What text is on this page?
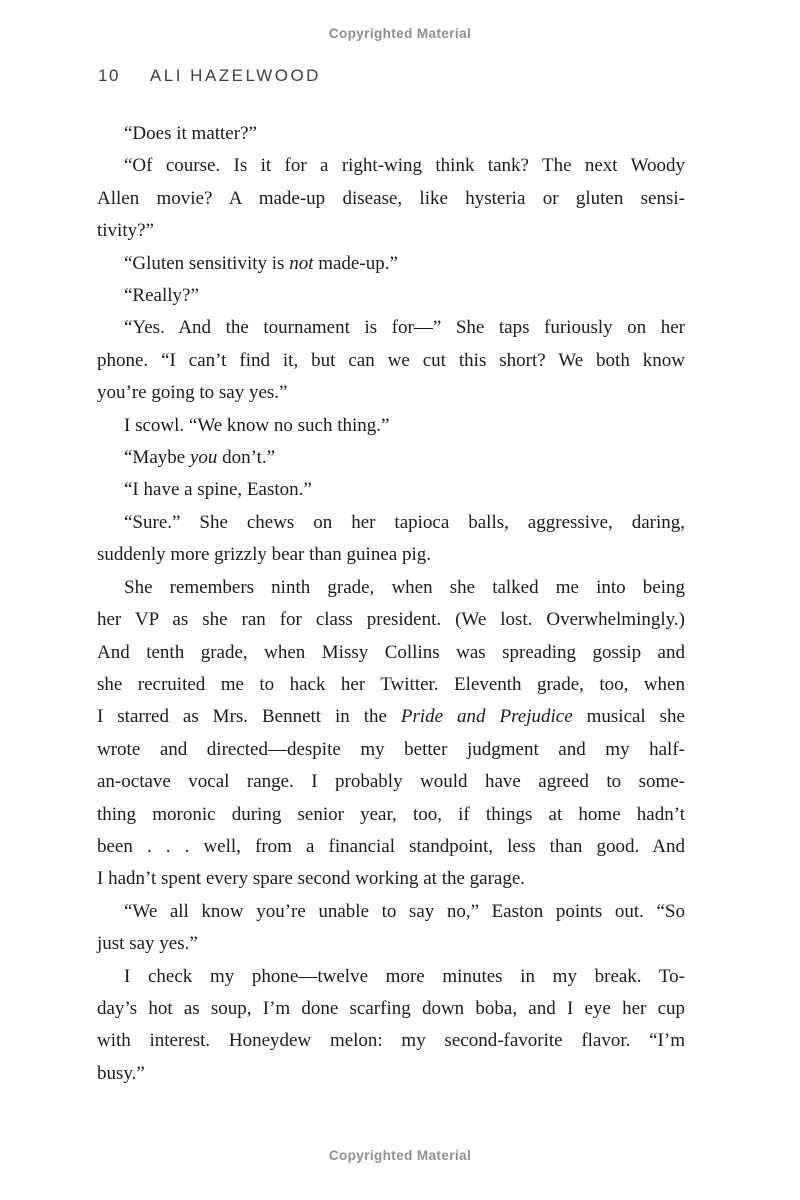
Copyrighted Material
10 ALI HAZELWOOD
“Does it matter?”
“Of course. Is it for a right-wing think tank? The next Woody
Allen movie? A made-up disease, like hysteria or gluten sensi-
tivity?”
“Gluten sensitivity is not made-up.”
“Really?”
“Yes. And the tournament is for—” She taps furiously on her
phone. “I can’t find it, but can we cut this short? We both know
you’re going to say yes.”
I scowl. “We know no such thing.”
“Maybe you don’t.”
“I have a spine, Easton.”
“Sure.” She chews on her tapioca balls, aggressive, daring,
suddenly more grizzly bear than guinea pig.
She remembers ninth grade, when she talked me into being
her VP as she ran for class president. (We lost. Overwhelmingly.)
And tenth grade, when Missy Collins was spreading gossip and
she recruited me to hack her Twitter. Eleventh grade, too, when
I starred as Mrs. Bennett in the Pride and Prejudice musical she
wrote and directed—despite my better judgment and my half-
an-octave vocal range. I probably would have agreed to some-
thing moronic during senior year, too, if things at home hadn’t
been . . . well, from a financial standpoint, less than good. And
I hadn’t spent every spare second working at the garage.
“We all know you’re unable to say no,” Easton points out. “So
just say yes.”
I check my phone—twelve more minutes in my break. To-
day’s hot as soup, I’m done scarfing down boba, and I eye her cup
with interest. Honeydew melon: my second-favorite flavor. “I’m
busy.”
Copyrighted Material
